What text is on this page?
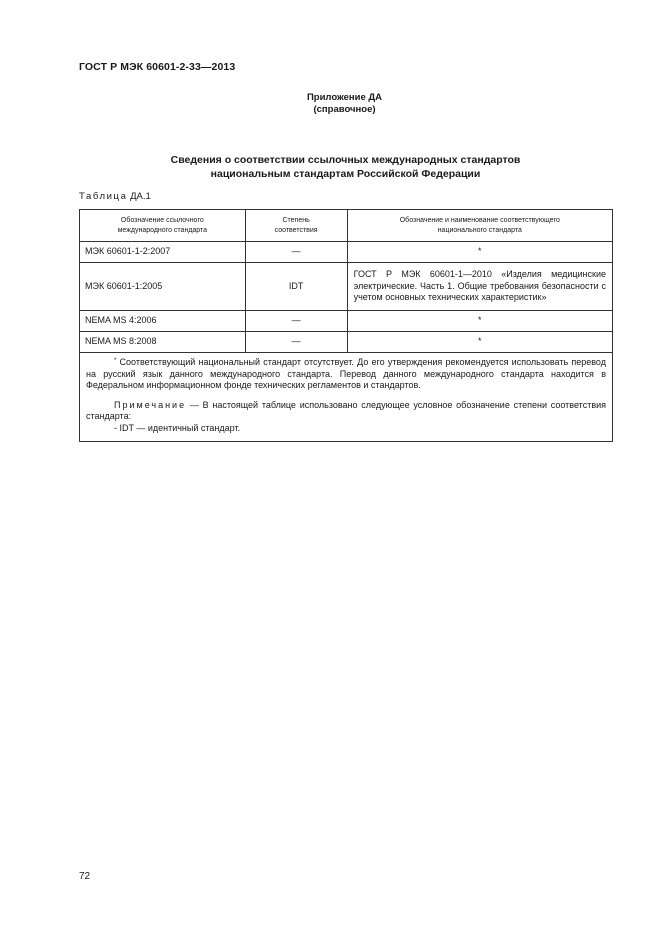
ГОСТ Р МЭК 60601-2-33—2013
Приложение ДА
(справочное)
Сведения о соответствии ссылочных международных стандартов
национальным стандартам Российской Федерации
Таблица ДА.1
Обозначение ссылочного международного стандарта	Степень соответствия	Обозначение и наименование соответствующего национального стандарта
МЭК 60601-1-2:2007	—	*
МЭК 60601-1:2005	IDT	ГОСТ Р МЭК 60601-1—2010 «Изделия медицинские электрические. Часть 1. Общие требования безопасности с учетом основных технических характеристик»
NEMA MS 4:2006	—	*
NEMA MS 8:2008	—	*

* Соответствующий национальный стандарт отсутствует. До его утверждения рекомендуется использовать перевод на русский язык данного международного стандарта. Перевод данного международного стандарта находится в Федеральном информационном фонде технических регламентов и стандартов.
Примечание — В настоящей таблице использовано следующее условное обозначение степени соответствия стандарта:
- IDT — идентичный стандарт.		
72
